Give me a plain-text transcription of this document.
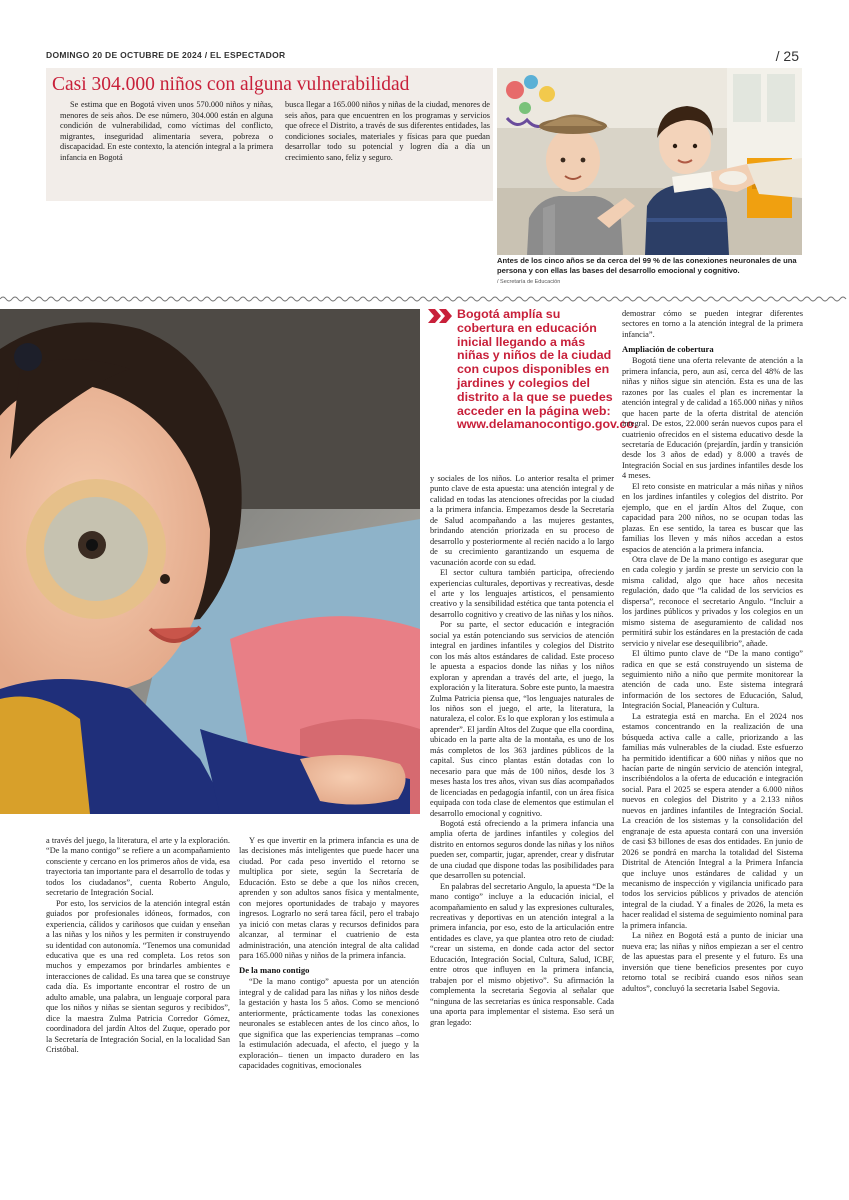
DOMINGO 20 DE OCTUBRE DE 2024 / EL ESPECTADOR	/ 25
Casi 304.000 niños con alguna vulnerabilidad

Se estima que en Bogotá viven unos 570.000 niños y niñas, menores de seis años. De ese número, 304.000 están en alguna condición de vulnerabilidad, como víctimas del conflicto, migrantes, inseguridad alimentaria severa, pobreza o discapacidad. En este contexto, la atención integral a la primera infancia en Bogotá

busca llegar a 165.000 niños y niñas de la ciudad, menores de seis años, para que encuentren en los programas y servicios que ofrece el Distrito, a través de sus diferentes entidades, las condiciones sociales, materiales y físicas para que puedan desarrollar todo su potencial y logren día a día un crecimiento sano, feliz y seguro.

Antes de los cinco años se da cerca del 99 % de las conexiones neuronales de una persona y con ellas las bases del desarrollo emocional y cognitivo.
/ Secretaría de Educación
Bogotá amplía su cobertura en educación inicial llegando a más niñas y niños de la ciudad con cupos disponibles en jardines y colegios del distrito a la que se puedes acceder en la página web: www.delamanocontigo.gov.co.

a través del juego, la literatura, el arte y la exploración. “De la mano contigo” se refiere a un acompañamiento consciente y cercano en los primeros años de vida, esa trayectoria tan importante para el desarrollo de todas y todos los ciudadanos”, cuenta Roberto Angulo, secretario de Integración Social.

Por esto, los servicios de la atención integral están guiados por profesionales idóneos, formados, con experiencia, cálidos y cariñosos que cuidan y enseñan a las niñas y los niños y les permiten ir construyendo su identidad con autonomía. “Tenemos una comunidad educativa que es una red completa. Los retos son muchos y empezamos por brindarles ambientes e interacciones de calidad. Es una tarea que se construye cada día. Es importante encontrar el rostro de un adulto amable, una palabra, un lenguaje corporal para que los niños y niñas se sientan seguros y recibidos”, dice la maestra Zulma Patricia Corredor Gómez, coordinadora del jardín Altos del Zuque, operado por la Secretaría de Integración Social, en la localidad San Cristóbal.

Y es que invertir en la primera infancia es una de las decisiones más inteligentes que puede hacer una ciudad. Por cada peso invertido el retorno se multiplica por siete, según la Secretaría de Educación. Esto se debe a que los niños crecen, aprenden y son adultos sanos física y mentalmente, con mejores oportunidades de trabajo y mayores ingresos. Lograrlo no será tarea fácil, pero el trabajo ya inició con metas claras y recursos definidos para alcanzar, al terminar el cuatrienio de esta administración, una atención integral de alta calidad para 165.000 niñas y niños de la primera infancia.

De la mano contigo

“De la mano contigo” apuesta por un atención integral y de calidad para las niñas y los niños desde la gestación y hasta los 5 años. Como se mencionó anteriormente, prácticamente todas las conexiones neuronales se establecen antes de los cinco años, lo que significa que las experiencias tempranas –como la estimulación adecuada, el afecto, el juego y la exploración– tienen un impacto duradero en las capacidades cognitivas, emocionales

y sociales de los niños. Lo anterior resalta el primer punto clave de esta apuesta: una atención integral y de calidad en todas las atenciones ofrecidas por la ciudad a la primera infancia. Empezamos desde la Secretaría de Salud acompañando a las mujeres gestantes, brindando atención priorizada en su proceso de desarrollo y posteriormente al recién nacido a lo largo de su crecimiento garantizando un esquema de vacunación acorde con su edad.

El sector cultura también participa, ofreciendo experiencias culturales, deportivas y recreativas, desde el arte y los lenguajes artísticos, el pensamiento creativo y la sensibilidad estética que tanta potencia el desarrollo cognitivo y creativo de las niñas y los niños.

Por su parte, el sector educación e integración social ya están potenciando sus servicios de atención integral en jardines infantiles y colegios del Distrito con los más altos estándares de calidad. Este proceso le apuesta a espacios donde las niñas y los niños exploran y aprendan a través del arte, el juego, la exploración y la literatura. Sobre este punto, la maestra Zulma Patricia piensa que, “los lenguajes naturales de los niños son el juego, el arte, la literatura, la naturaleza, el color. Es lo que exploran y los estimula a aprender”. El jardín Altos del Zuque que ella coordina, ubicado en la parte alta de la montaña, es uno de los más completos de los 363 jardines públicos de la capital. Sus cinco plantas están dotadas con lo necesario para que más de 100 niños, desde los 3 meses hasta los tres años, vivan sus días acompañados de licenciadas en pedagogía infantil, con un área física equipada con toda clase de elementos que estimulan el desarrollo emocional y cognitivo.

Bogotá está ofreciendo a la primera infancia una amplia oferta de jardines infantiles y colegios del distrito en entornos seguros donde las niñas y los niños pueden ser, compartir, jugar, aprender, crear y disfrutar de una ciudad que dispone todas las posibilidades para que desarrollen su potencial.

En palabras del secretario Angulo, la apuesta “De la mano contigo” incluye a la educación inicial, el acompañamiento en salud y las expresiones culturales, recreativas y deportivas en un atención integral a la primera infancia, por eso, esto de la articulación entre entidades es clave, ya que plantea otro reto de ciudad: “crear un sistema, en donde cada actor del sector Educación, Integración Social, Cultura, Salud, ICBF, entre otros que influyen en la primera infancia, trabajen por el mismo objetivo”. Su afirmación la complementa la secretaria Segovia al señalar que “ninguna de las secretarías es única responsable. Cada una aporta para implementar el sistema. Eso será un gran legado:

demostrar cómo se pueden integrar diferentes sectores en torno a la atención integral de la primera infancia”.

Ampliación de cobertura

Bogotá tiene una oferta relevante de atención a la primera infancia, pero, aun así, cerca del 48% de las niñas y niños sigue sin atención. Esta es una de las razones por las cuales el plan es incrementar la atención integral y de calidad a 165.000 niñas y niños que hacen parte de la oferta distrital de atención integral. De estos, 22.000 serán nuevos cupos para el cuatrienio ofrecidos en el sistema educativo desde la secretaría de Educación (prejardín, jardín y transición desde los 3 años de edad) y 8.000 a través de Integración Social en sus jardines infantiles desde los 4 meses.

El reto consiste en matricular a más niñas y niños en los jardines infantiles y colegios del distrito. Por ejemplo, que en el jardín Altos del Zuque, con capacidad para 200 niños, no se ocupan todas las plazas. En ese sentido, la tarea es buscar que las familias los lleven y más niños accedan a estos espacios de atención a la primera infancia.

Otra clave de De la mano contigo es asegurar que en cada colegio y jardín se preste un servicio con la misma calidad, algo que hace años necesita regulación, dado que “la calidad de los servicios es dispersa”, reconoce el secretario Angulo. “Incluir a los jardines públicos y privados y los colegios en un mismo sistema de aseguramiento de calidad nos permitirá subir los estándares en la prestación de cada servicio y nivelar ese desequilibrio”, añade.

El último punto clave de “De la mano contigo” radica en que se está construyendo un sistema de seguimiento niño a niño que permite monitorear la atención de cada uno. Este sistema integrará información de los sectores de Educación, Salud, Integración Social, Planeación y Cultura.

La estrategia está en marcha. En el 2024 nos estamos concentrando en la realización de una búsqueda activa calle a calle, priorizando a las familias más vulnerables de la ciudad. Este esfuerzo ha permitido identificar a 600 niñas y niños que no hacían parte de ningún servicio de atención integral, inscribiéndolos a la oferta de educación e integración social. Para el 2025 se espera atender a 6.000 niños nuevos en colegios del Distrito y a 2.133 niños nuevos en jardines infantiles de Integración Social. La creación de los sistemas y la consolidación del engranaje de esta apuesta contará con una inversión de casi $3 billones de esas dos entidades. En junio de 2026 se pondrá en marcha la totalidad del Sistema Distrital de Atención Integral a la Primera Infancia que incluye unos estándares de calidad y un mecanismo de inspección y vigilancia unificado para todos los servicios públicos y privados de atención integral de la ciudad. Y a finales de 2026, la meta es hacer realidad el sistema de seguimiento nominal para la primera infancia.

La niñez en Bogotá está a punto de iniciar una nueva era; las niñas y niños empiezan a ser el centro de las apuestas para el presente y el futuro. Es una inversión que tiene beneficios presentes por cuyo retorno total se recibirá cuando esos niños sean adultos”, concluyó la secretaria Isabel Segovia.
